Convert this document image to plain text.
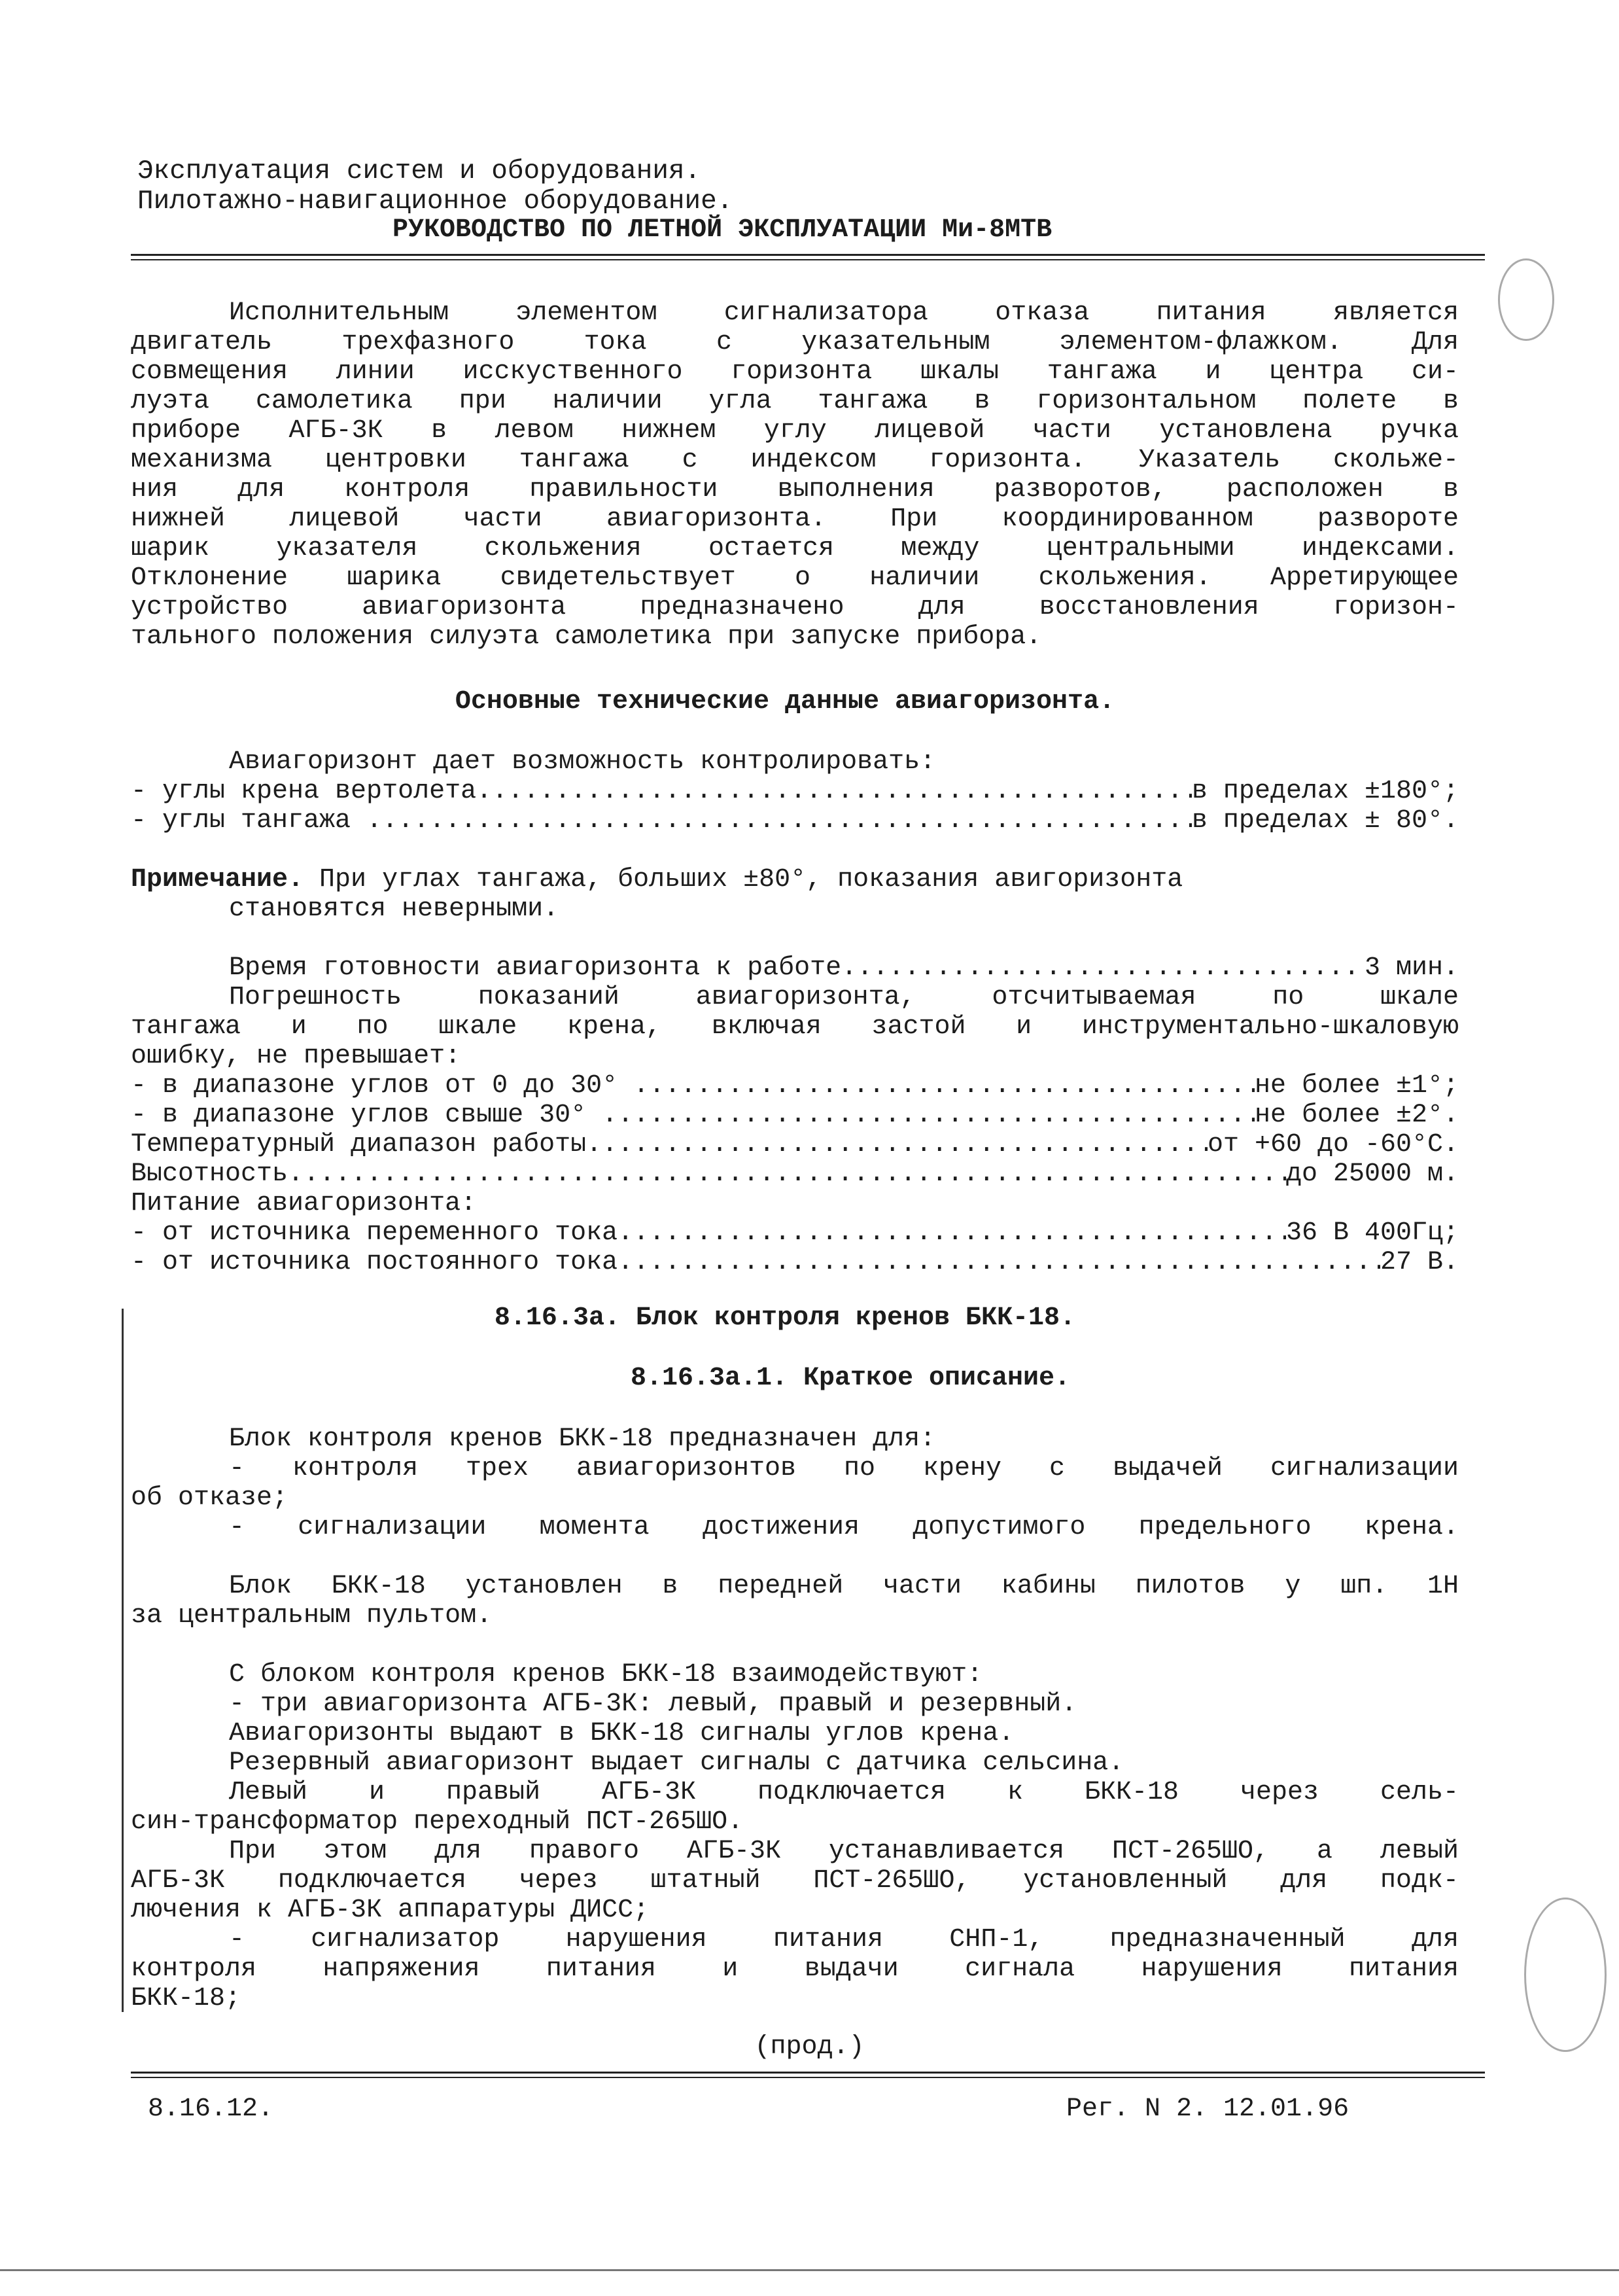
Эксплуатация систем и оборудования.
Пилотажно-навигационное оборудование.
РУКОВОДСТВО ПО ЛЕТНОЙ ЭКСПЛУАТАЦИИ Ми-8МТВ
Исполнительным элементом сигнализатора отказа питания является
двигатель трехфазного тока с указательным элементом-флажком. Для
совмещения линии исскуственного горизонта шкалы тангажа и центра си-
луэта самолетика при наличии угла тангажа в горизонтальном полете в
приборе АГБ-3К в левом нижнем углу лицевой части установлена ручка
механизма центровки тангажа с индексом горизонта. Указатель скольже-
ния для контроля правильности выполнения разворотов, расположен в
нижней лицевой части авиагоризонта. При координированном развороте
шарик указателя скольжения остается между центральными индексами.
Отклонение шарика свидетельствует о наличии скольжения. Арретирующее
устройство авиагоризонта предназначено для восстановления горизон-
тального положения силуэта самолетика при запуске прибора.
Основные технические данные авиагоризонта.
Авиагоризонт дает возможность контролировать:
- углы крена вертолета .....	в пределах ±180°;
- углы тангажа .....	в пределах ± 80°.
Примечание. При углах тангажа, больших ±80°, показания авигоризонта
становятся неверными.
Время готовности авиагоризонта к работе .....	3 мин.
Погрешность показаний авиагоризонта, отсчитываемая по шкале
тангажа и по шкале крена, включая застой и инструментально-шкаловую
ошибку, не превышает:
- в диапазоне углов от 0 до 30° .....	не более ±1°;
- в диапазоне углов свыше 30° .....	не более ±2°.
Температурный диапазон работы .....	от +60 до -60°С.
Высотность .....	до 25000 м.
Питание авиагоризонта:
- от источника переменного тока .....	36 В 400Гц;
- от источника постоянного тока .....	27 В.
8.16.3а. Блок контроля кренов БКК-18.
8.16.3а.1. Краткое описание.
Блок контроля кренов БКК-18 предназначен для:
- контроля трех авиагоризонтов по крену с выдачей сигнализации
об отказе;
- сигнализации момента достижения допустимого предельного крена.
Блок БКК-18 установлен в передней части кабины пилотов у шп. 1Н
за центральным пультом.
С блоком контроля кренов БКК-18 взаимодействуют:
- три авиагоризонта АГБ-3К: левый, правый и резервный.
Авиагоризонты выдают в БКК-18 сигналы углов крена.
Резервный авиагоризонт выдает сигналы с датчика сельсина.
Левый и правый АГБ-3К подключается к БКК-18 через сель-
син-трансформатор переходный ПСТ-265ШО.
При этом для правого АГБ-3К устанавливается ПСТ-265ШО, а левый
АГБ-3К подключается через штатный ПСТ-265ШО, установленный для подк-
лючения к АГБ-3К аппаратуры ДИСС;
- сигнализатор нарушения питания СНП-1, предназначенный для
контроля напряжения питания и выдачи сигнала нарушения питания
БКК-18;
(прод.)
8.16.12.	Рег. N 2. 12.01.96
